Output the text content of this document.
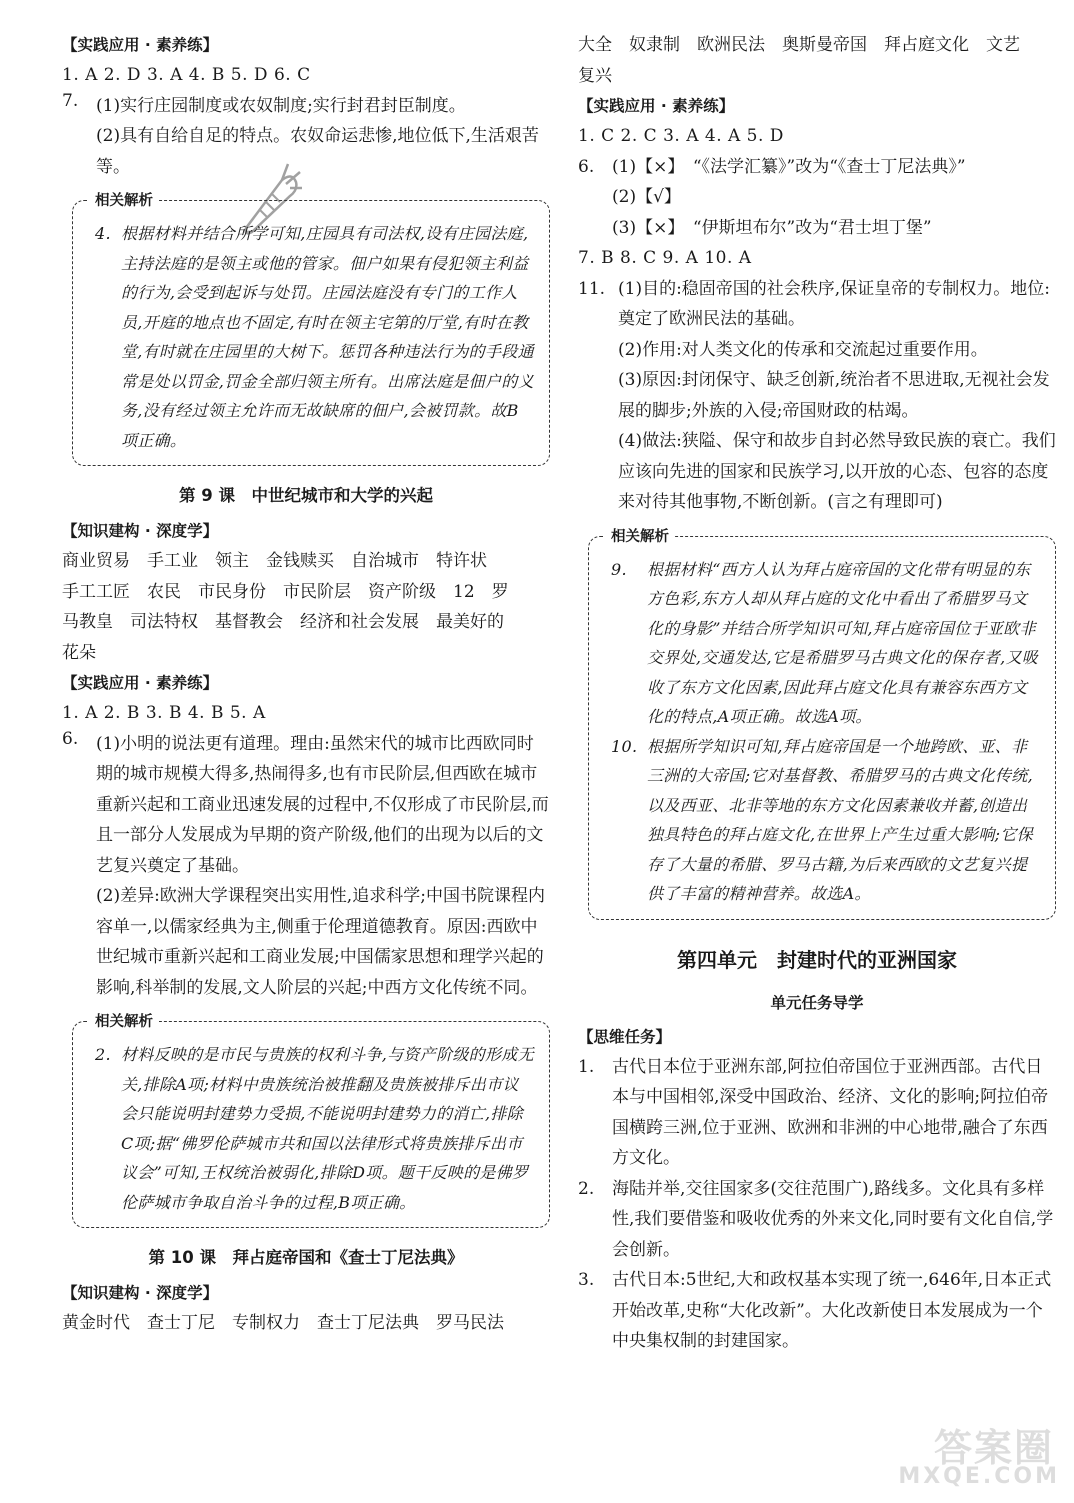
【实践应用 · 素养练】

1. A 2. D 3. A 4. B 5. D 6. C

7.	(1)实行庄园制度或农奴制度;实行封君封臣制度。

(2)具有自给自足的特点。农奴命运悲惨,地位低下,生活艰苦等。

相关解析
4. 根据材料并结合所学可知,庄园具有司法权,设有庄园法庭,主持法庭的是领主或他的管家。佃户如果有侵犯领主利益的行为,会受到起诉与处罚。庄园法庭没有专门的工作人员,开庭的地点也不固定,有时在领主宅第的厅堂,有时在教堂,有时就在庄园里的大树下。惩罚各种违法行为的手段通常是处以罚金,罚金全部归领主所有。出席法庭是佃户的义务,没有经过领主允许而无故缺席的佃户,会被罚款。故B项正确。

第 9 课　中世纪城市和大学的兴起

【知识建构 · 深度学】

商业贸易　手工业　领主　金钱赎买　自治城市　特许状

手工工匠　农民　市民身份　市民阶层　资产阶级　12　罗

马教皇　司法特权　基督教会　经济和社会发展　最美好的

花朵

【实践应用 · 素养练】

1. A 2. B 3. B 4. B 5. A

6.	(1)小明的说法更有道理。理由:虽然宋代的城市比西欧同时期的城市规模大得多,热闹得多,也有市民阶层,但西欧在城市重新兴起和工商业迅速发展的过程中,不仅形成了市民阶层,而且一部分人发展成为早期的资产阶级,他们的出现为以后的文艺复兴奠定了基础。

(2)差异:欧洲大学课程突出实用性,追求科学;中国书院课程内容单一,以儒家经典为主,侧重于伦理道德教育。原因:西欧中世纪城市重新兴起和工商业发展;中国儒家思想和理学兴起的影响,科举制的发展,文人阶层的兴起;中西方文化传统不同。

相关解析
2. 材料反映的是市民与贵族的权利斗争,与资产阶级的形成无关,排除A项;材料中贵族统治被推翻及贵族被排斥出市议会只能说明封建势力受损,不能说明封建势力的消亡,排除C项;据“佛罗伦萨城市共和国以法律形式将贵族排斥出市议会”可知,王权统治被弱化,排除D项。题干反映的是佛罗伦萨城市争取自治斗争的过程,B项正确。

第 10 课　拜占庭帝国和《查士丁尼法典》

【知识建构 · 深度学】

黄金时代　查士丁尼　专制权力　查士丁尼法典　罗马民法

大全　奴隶制　欧洲民法　奥斯曼帝国　拜占庭文化　文艺

复兴

【实践应用 · 素养练】

1. C 2. C 3. A 4. A 5. D

6.	(1)【×】　“《法学汇纂》”改为“《查士丁尼法典》”

(2)【√】

(3)【×】　“伊斯坦布尔”改为“君士坦丁堡”

7. B 8. C 9. A 10. A

11. (1)目的:稳固帝国的社会秩序,保证皇帝的专制权力。地位:奠定了欧洲民法的基础。

(2)作用:对人类文化的传承和交流起过重要作用。

(3)原因:封闭保守、缺乏创新,统治者不思进取,无视社会发展的脚步;外族的入侵;帝国财政的枯竭。

(4)做法:狭隘、保守和故步自封必然导致民族的衰亡。我们应该向先进的国家和民族学习,以开放的心态、包容的态度来对待其他事物,不断创新。(言之有理即可)

相关解析
9.	根据材料“西方人认为拜占庭帝国的文化带有明显的东方色彩,东方人却从拜占庭的文化中看出了希腊罗马文化的身影”并结合所学知识可知,拜占庭帝国位于亚欧非交界处,交通发达,它是希腊罗马古典文化的保存者,又吸收了东方文化因素,因此拜占庭文化具有兼容东西方文化的特点,A项正确。故选A项。

10. 根据所学知识可知,拜占庭帝国是一个地跨欧、亚、非三洲的大帝国;它对基督教、希腊罗马的古典文化传统,以及西亚、北非等地的东方文化因素兼收并蓄,创造出独具特色的拜占庭文化,在世界上产生过重大影响;它保存了大量的希腊、罗马古籍,为后来西欧的文艺复兴提供了丰富的精神营养。故选A。

第四单元　封建时代的亚洲国家
单元任务导学

【思维任务】

1.	古代日本位于亚洲东部,阿拉伯帝国位于亚洲西部。古代日本与中国相邻,深受中国政治、经济、文化的影响;阿拉伯帝国横跨三洲,位于亚洲、欧洲和非洲的中心地带,融合了东西方文化。

2.	海陆并举,交往国家多(交往范围广),路线多。文化具有多样性,我们要借鉴和吸收优秀的外来文化,同时要有文化自信,学会创新。

3.	古代日本:5世纪,大和政权基本实现了统一,646年,日本正式开始改革,史称“大化改新”。大化改新使日本发展成为一个中央集权制的封建国家。

答案圈
MXQE.COM
